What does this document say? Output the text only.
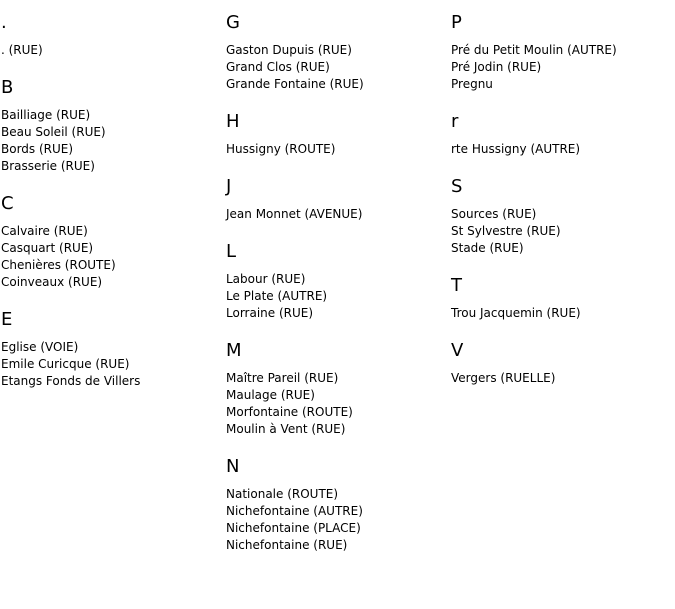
.
. (RUE)
B
Bailliage (RUE)
Beau Soleil (RUE)
Bords (RUE)
Brasserie (RUE)
C
Calvaire (RUE)
Casquart (RUE)
Chenières (ROUTE)
Coinveaux (RUE)
E
Eglise (VOIE)
Emile Curicque (RUE)
Etangs Fonds de Villers
G
Gaston Dupuis (RUE)
Grand Clos (RUE)
Grande Fontaine (RUE)
H
Hussigny (ROUTE)
J
Jean Monnet (AVENUE)
L
Labour (RUE)
Le Plate (AUTRE)
Lorraine (RUE)
M
Maître Pareil (RUE)
Maulage (RUE)
Morfontaine (ROUTE)
Moulin à Vent (RUE)
N
Nationale (ROUTE)
Nichefontaine (AUTRE)
Nichefontaine (PLACE)
Nichefontaine (RUE)
P
Pré du Petit Moulin (AUTRE)
Pré Jodin (RUE)
Pregnu
r
rte Hussigny (AUTRE)
S
Sources (RUE)
St Sylvestre (RUE)
Stade (RUE)
T
Trou Jacquemin (RUE)
V
Vergers (RUELLE)
